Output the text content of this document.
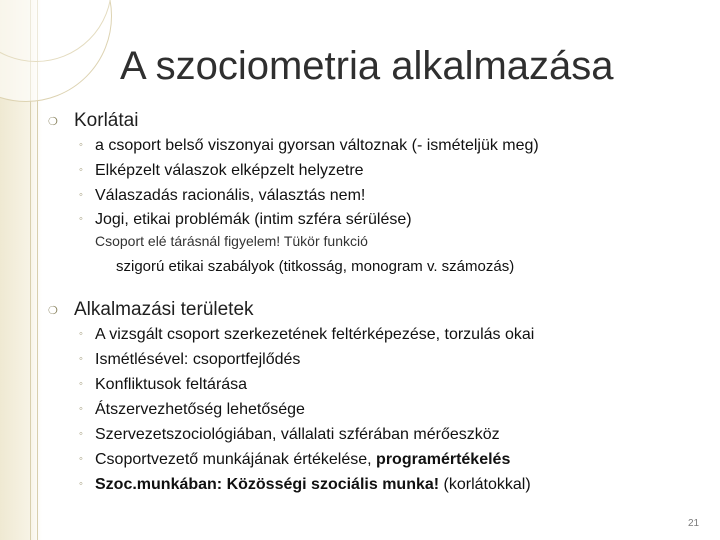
A szociometria alkalmazása
❍ Korlátai
◦ a csoport belső viszonyai gyorsan változnak (- ismételjük meg)
◦ Elképzelt válaszok elképzelt helyzetre
◦ Válaszadás racionális, választás nem!
◦ Jogi, etikai problémák (intim szféra sérülése)
Csoport elé tárásnál figyelem! Tükör funkció
szigorú etikai szabályok (titkosság, monogram v. számozás)
❍ Alkalmazási területek
◦ A vizsgált csoport szerkezetének feltérképezése, torzulás okai
◦ Ismétlésével: csoportfejlődés
◦ Konfliktusok feltárása
◦ Átszervezhetőség lehetősége
◦ Szervezetszociológiában, vállalati szférában mérőeszköz
◦ Csoportvezető munkájának értékelése, programértékelés
◦ Szoc.munkában: Közösségi szociális munka! (korlátokkal)
21
